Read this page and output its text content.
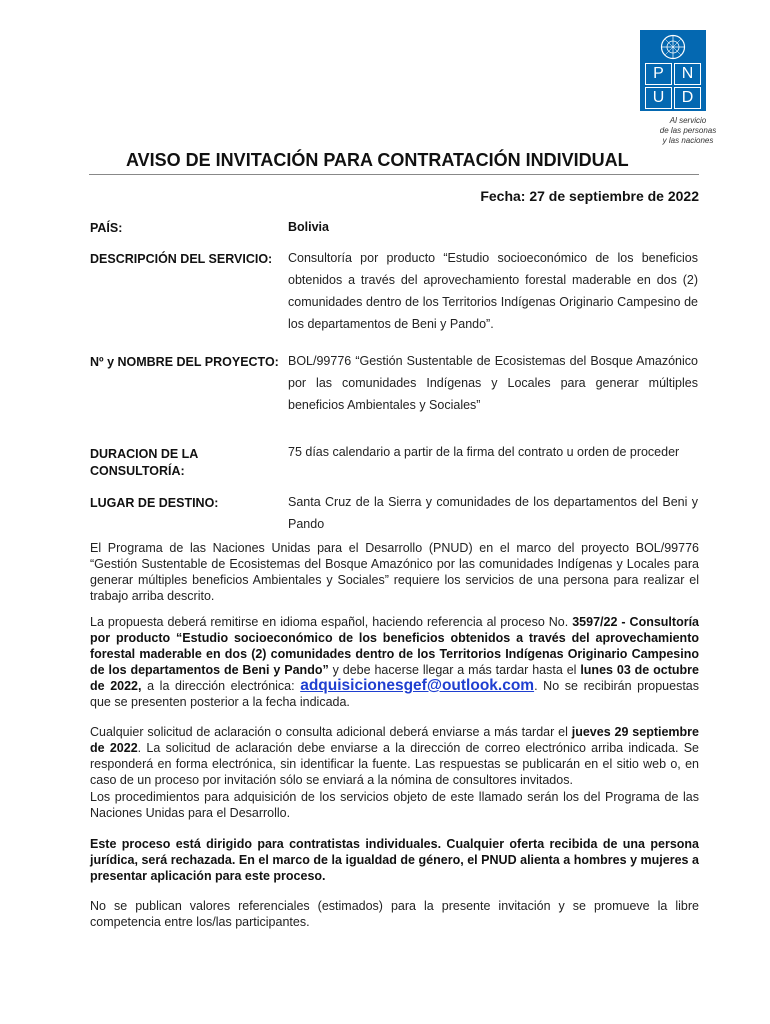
P	N
U	D
Al servicio
de las personas
y las naciones
AVISO DE INVITACIÓN PARA CONTRATACIÓN INDIVIDUAL
Fecha: 27 de septiembre de 2022
PAÍS:	Bolivia
DESCRIPCIÓN DEL SERVICIO: Consultoría por producto “Estudio socioeconómico de los beneficios obtenidos a través del aprovechamiento forestal maderable en dos (2) comunidades dentro de los Territorios Indígenas Originario Campesino de los departamentos de Beni y Pando”.
Nº y NOMBRE DEL PROYECTO: BOL/99776 “Gestión Sustentable de Ecosistemas del Bosque Amazónico por las comunidades Indígenas y Locales para generar múltiples beneficios Ambientales y Sociales”
DURACION DE LA
CONSULTORÍA:
75 días calendario a partir de la firma del contrato u orden de proceder
LUGAR DE DESTINO:	Santa Cruz de la Sierra y comunidades de los departamentos del Beni y Pando

El Programa de las Naciones Unidas para el Desarrollo (PNUD) en el marco del proyecto BOL/99776 “Gestión Sustentable de Ecosistemas del Bosque Amazónico por las comunidades Indígenas y Locales para generar múltiples beneficios Ambientales y Sociales” requiere los servicios de una persona para realizar el trabajo arriba descrito.

La propuesta deberá remitirse en idioma español, haciendo referencia al proceso No. 3597/22 - Consultoría por producto “Estudio socioeconómico de los beneficios obtenidos a través del aprovechamiento forestal maderable en dos (2) comunidades dentro de los Territorios Indígenas Originario Campesino de los departamentos de Beni y Pando” y debe hacerse llegar a más tardar hasta el lunes 03 de octubre de 2022, a la dirección electrónica: adquisicionesgef@outlook.com. No se recibirán propuestas que se presenten posterior a la fecha indicada.

Cualquier solicitud de aclaración o consulta adicional deberá enviarse a más tardar el jueves 29 septiembre de 2022. La solicitud de aclaración debe enviarse a la dirección de correo electrónico arriba indicada. Se responderá en forma electrónica, sin identificar la fuente. Las respuestas se publicarán en el sitio web o, en caso de un proceso por invitación sólo se enviará a la nómina de consultores invitados.

Los procedimientos para adquisición de los servicios objeto de este llamado serán los del Programa de las Naciones Unidas para el Desarrollo.

Este proceso está dirigido para contratistas individuales. Cualquier oferta recibida de una persona jurídica, será rechazada. En el marco de la igualdad de género, el PNUD alienta a hombres y mujeres a presentar aplicación para este proceso.

No se publican valores referenciales (estimados) para la presente invitación y se promueve la libre competencia entre los/las participantes.
